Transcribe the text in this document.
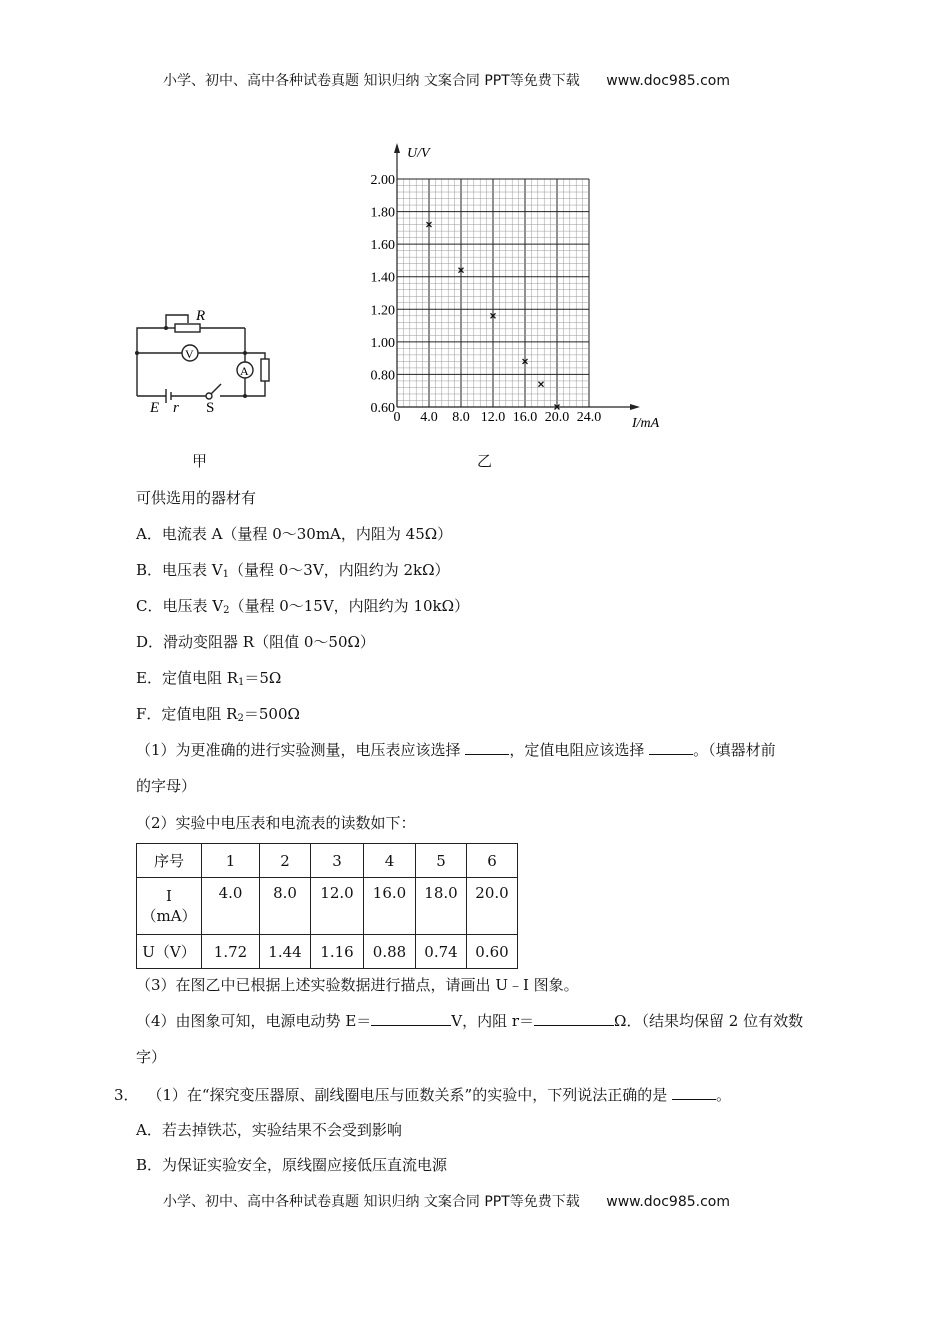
小学、初中、高中各种试卷真题 知识归纳 文案合同 PPT等免费下载 www.doc985.com
R
V
A
E r S
甲
0.60
0.80
1.00
1.20
1.40
1.60
1.80
2.00
0 4.0 8.0 12.0 16.0 20.0 24.0
U/V
I/mA
乙
可供选用的器材有
A．电流表 A（量程 0～30mA，内阻为 45Ω）
B．电压表 $V_1$（量程 0～3V，内阻约为 2kΩ）
C．电压表 $V_2$（量程 0～15V，内阻约为 10kΩ）
D．滑动变阻器 R（阻值 0～50Ω）
E．定值电阻 $R_1=5\Omega$
F．定值电阻 $R_2=500\Omega$
（1）为更准确的进行实验测量，电压表应该选择	，定值电阻应该选择	。（填器材前
的字母）
（2）实验中电压表和电流表的读数如下：
序号	1	2	3	4	5	6

I
（mA）	4.0	8.0	12.0	16.0	18.0	20.0
U（V）	1.72	1.44	1.16	0.88	0.74	0.60
（3）在图乙中已根据上述实验数据进行描点，请画出 U﹣I 图象。
（4）由图象可知，电源电动势 E＝	V，内阻 r＝	Ω．（结果均保留 2 位有效数
字）
3． （1）在“探究变压器原、副线圈电压与匝数关系”的实验中，下列说法正确的是	。
A．若去掉铁芯，实验结果不会受到影响
B．为保证实验安全，原线圈应接低压直流电源
小学、初中、高中各种试卷真题 知识归纳 文案合同 PPT等免费下载 www.doc985.com
